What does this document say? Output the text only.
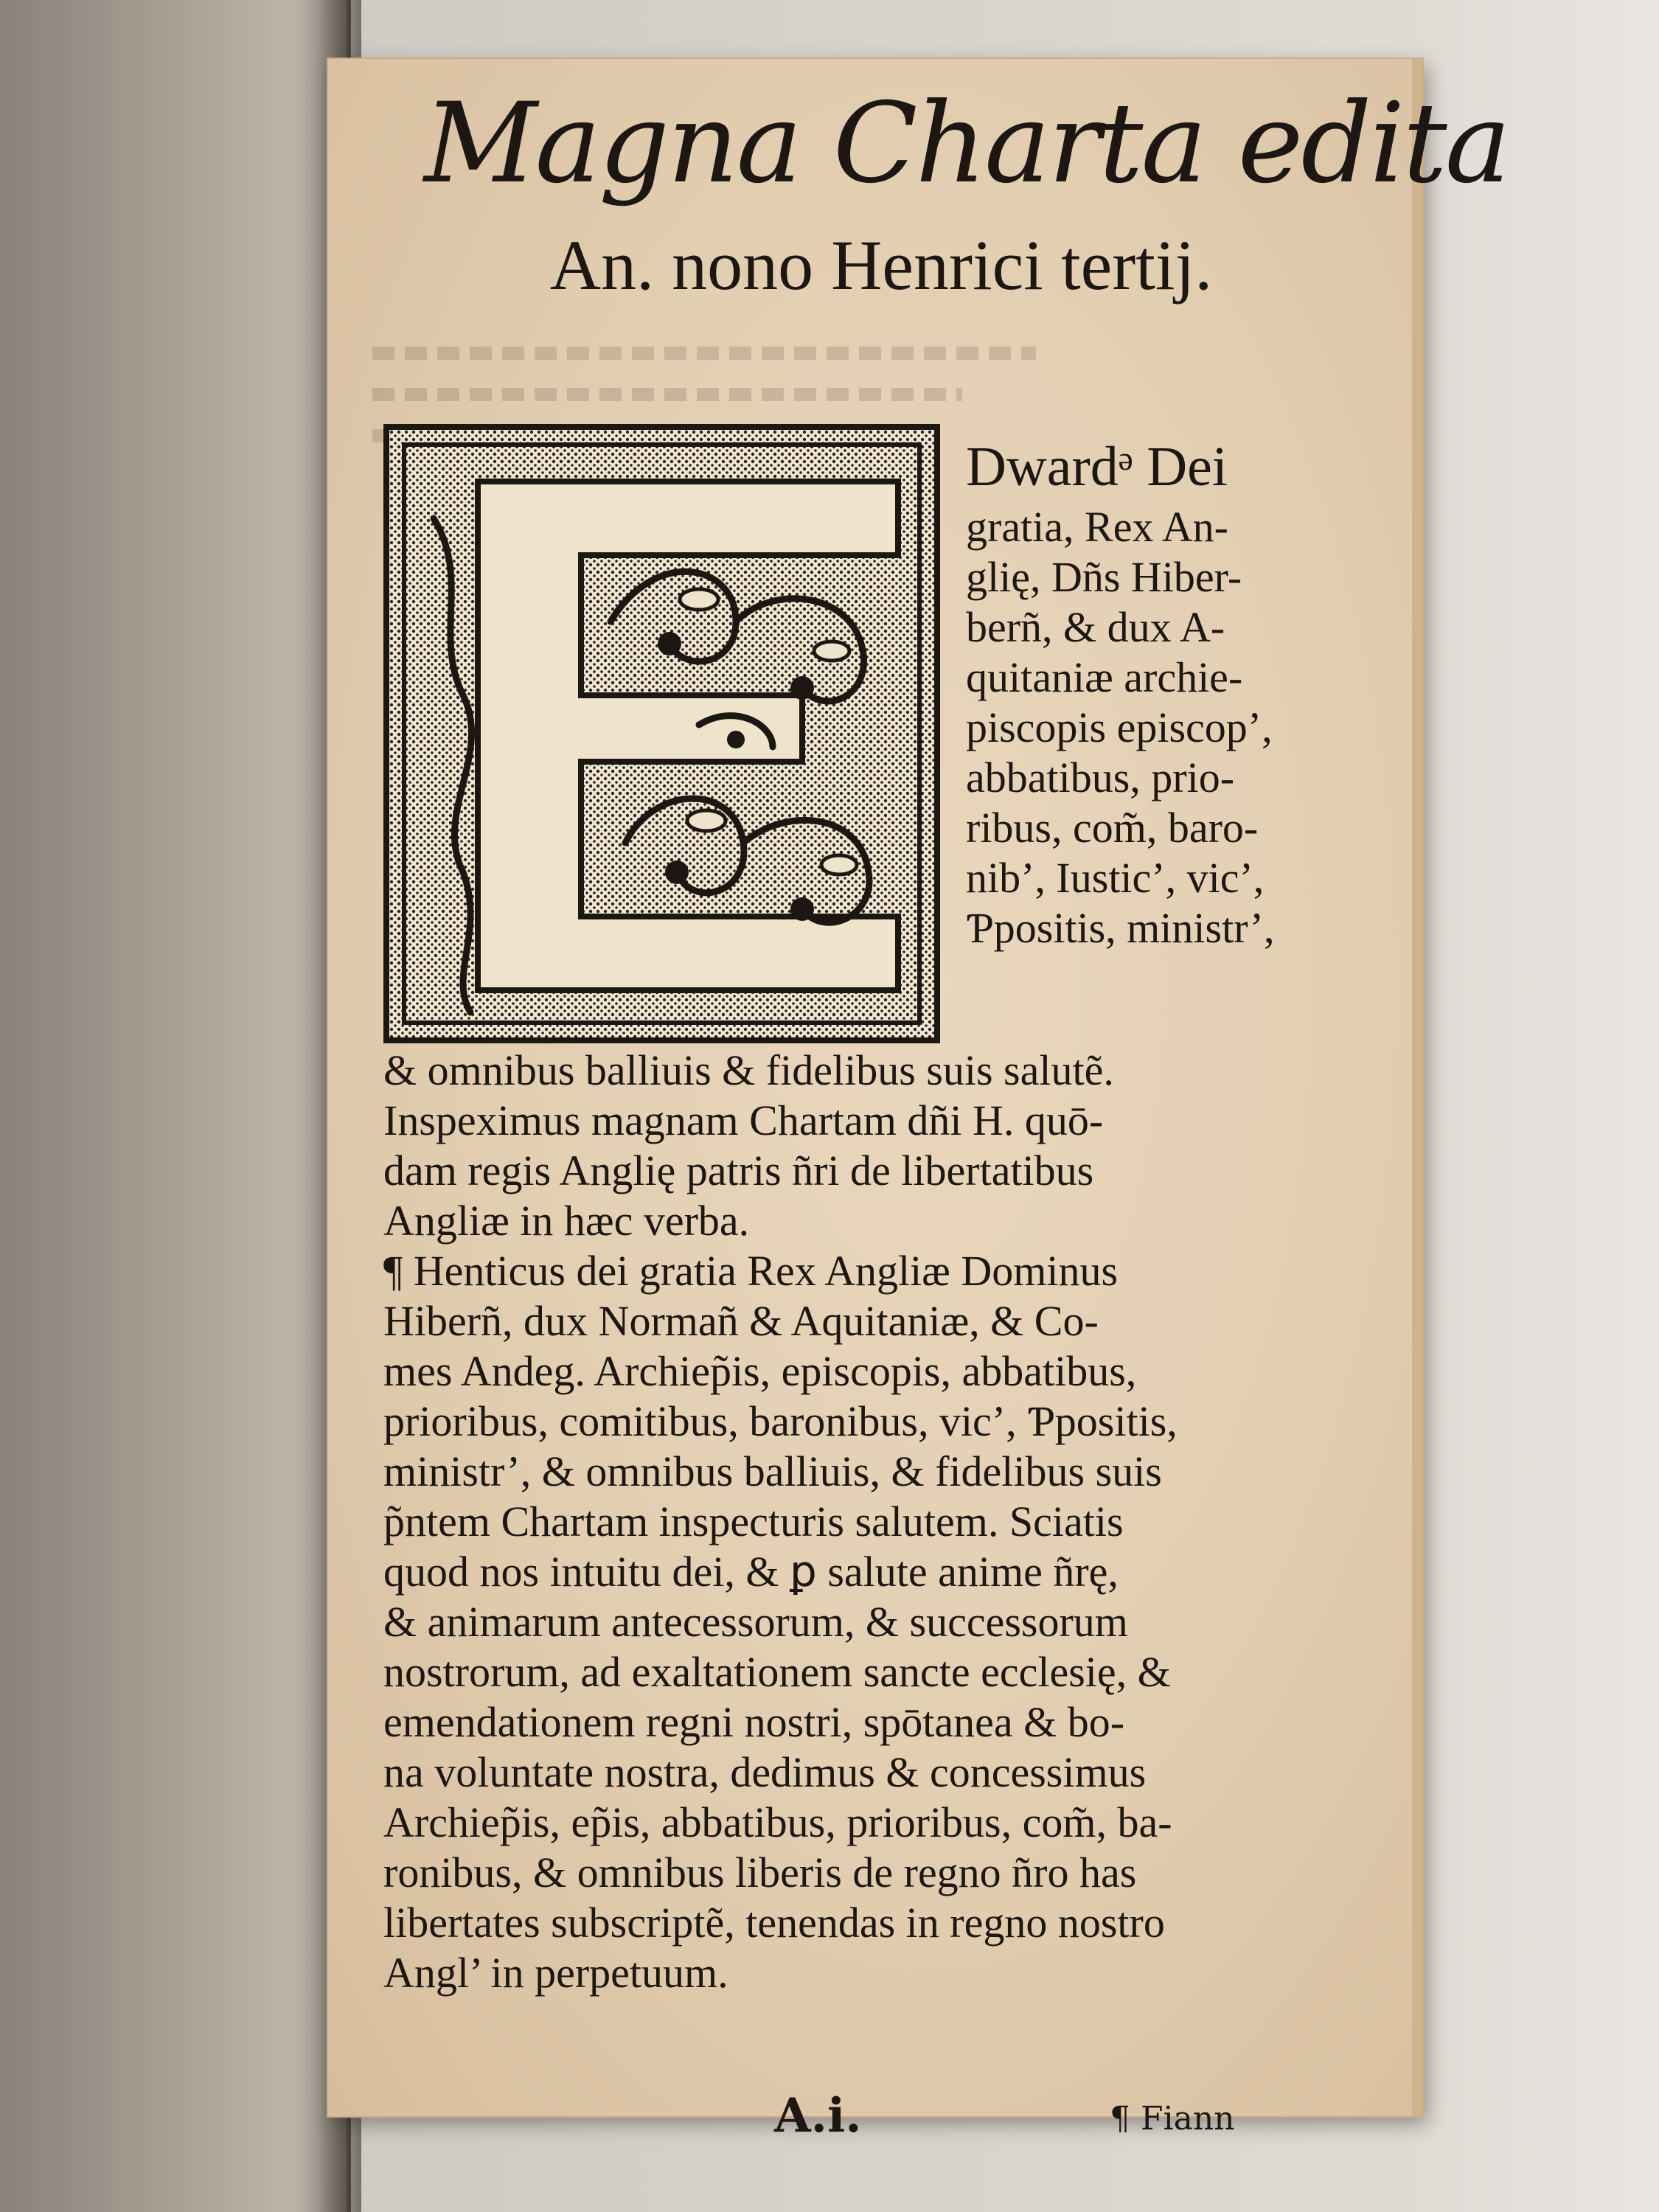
Magna Charta edita
An. nono Henrici tertij.
Dwardᵊ Dei
gratia, Rex An-
glię, Dñs Hiber-
berñ, & dux A-
quitaniæ archie-
piscopis episcop’,
abbatibus, prio-
ribus, com̃, baro-
nib’, Iustic’, vic’,
Ƥpositis, ministr’,
& omnibus balliuis & fidelibus suis salutẽ.
Inspeximus magnam Chartam dñi H. quō-
dam regis Anglię patris ñri de libertatibus
Angliæ in hæc verba.
¶ Henticus dei gratia Rex Angliæ Dominus
Hiberñ, dux Normañ & Aquitaniæ, & Co-
mes Andeg. Archiep̃is, episcopis, abbatibus,
prioribus, comitibus, baronibus, vic’, Ƥpositis,
ministr’, & omnibus balliuis, & fidelibus suis
p̃ntem Chartam inspecturis salutem. Sciatis
quod nos intuitu dei, & ꝑ salute anime ñrę,
& animarum antecessorum, & successorum
nostrorum, ad exaltationem sancte ecclesię, &
emendationem regni nostri, spōtanea & bo-
na voluntate nostra, dedimus & concessimus
Archiep̃is, ep̃is, abbatibus, prioribus, com̃, ba-
ronibus, & omnibus liberis de regno ñro has
libertates subscriptẽ, tenendas in regno nostro
Angl’ in perpetuum.
A.i.	¶ Fiann
